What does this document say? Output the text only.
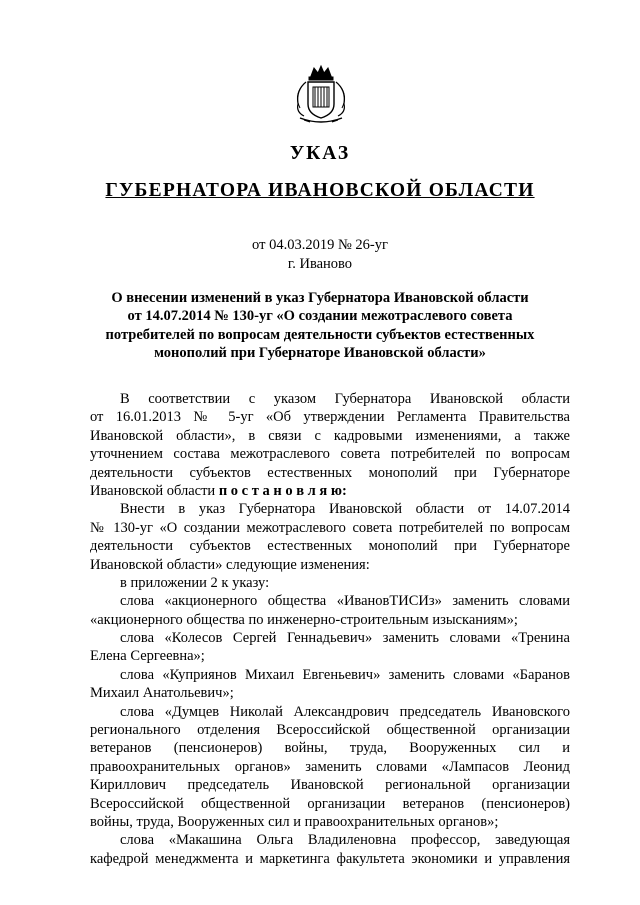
УКАЗ
ГУБЕРНАТОРА ИВАНОВСКОЙ ОБЛАСТИ
от 04.03.2019 № 26-уг
г. Иваново
О внесении изменений в указ Губернатора Ивановской области
от 14.07.2014 № 130-уг «О создании межотраслевого совета
потребителей по вопросам деятельности субъектов естественных
монополий при Губернаторе Ивановской области»
В соответствии с указом Губернатора Ивановской области
от 16.01.2013 № 5-уг «Об утверждении Регламента Правительства
Ивановской области», в связи с кадровыми изменениями, а также
уточнением состава межотраслевого совета потребителей по вопросам
деятельности субъектов естественных монополий при Губернаторе
Ивановской области п о с т а н о в л я ю:
Внести в указ Губернатора Ивановской области от 14.07.2014
№ 130-уг «О создании межотраслевого совета потребителей по вопросам
деятельности субъектов естественных монополий при Губернаторе
Ивановской области» следующие изменения:
в приложении 2 к указу:
слова «акционерного общества «ИвановТИСИз» заменить словами
«акционерного общества по инженерно-строительным изысканиям»;
слова «Колесов Сергей Геннадьевич» заменить словами «Тренина
Елена Сергеевна»;
слова «Куприянов Михаил Евгеньевич» заменить словами «Баранов
Михаил Анатольевич»;
слова «Думцев Николай Александрович председатель Ивановского
регионального отделения Всероссийской общественной организации
ветеранов (пенсионеров) войны, труда, Вооруженных сил и
правоохранительных органов» заменить словами «Лампасов Леонид
Кириллович председатель Ивановской региональной организации
Всероссийской общественной организации ветеранов (пенсионеров)
войны, труда, Вооруженных сил и правоохранительных органов»;
слова «Макашина Ольга Владиленовна профессор, заведующая
кафедрой менеджмента и маркетинга факультета экономики и управления
